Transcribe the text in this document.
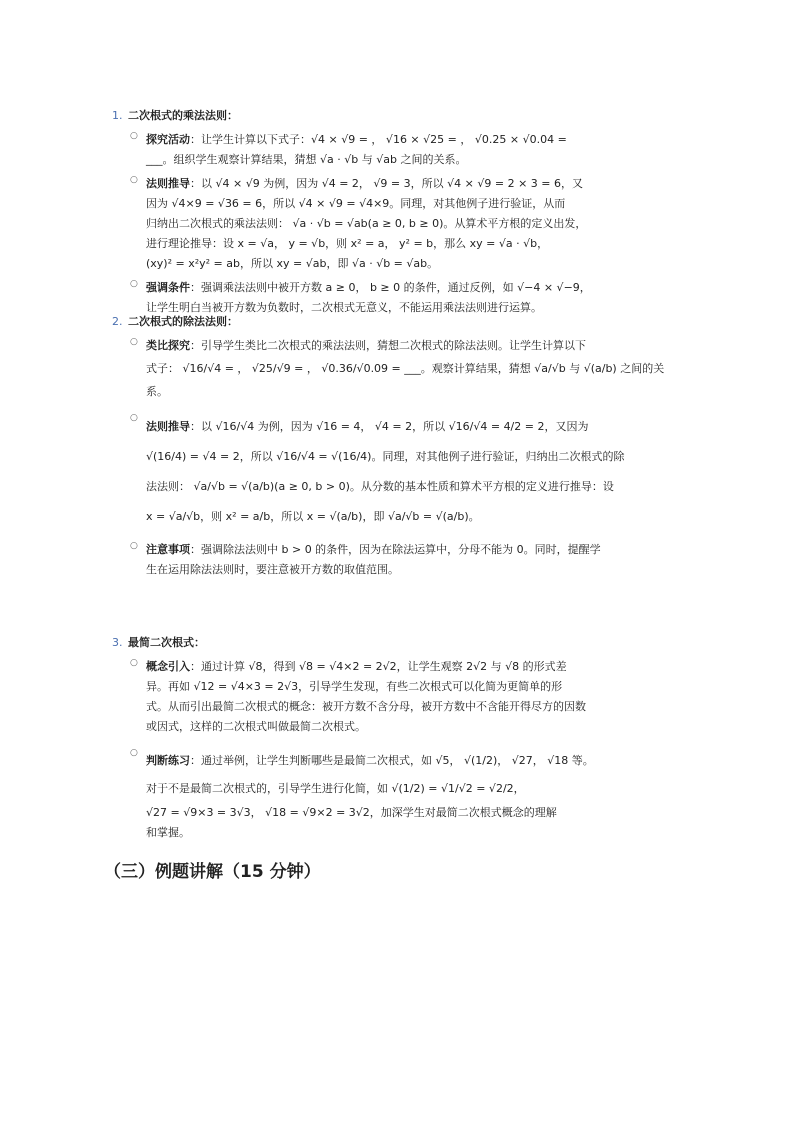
1. 二次根式的乘法法则：
○ 探究活动：让学生计算以下式子：√4 × √9 = ， √16 × √25 = ， √0.25 × √0.04 =
___。组织学生观察计算结果，猜想 √a · √b 与 √ab 之间的关系。
○ 法则推导：以 √4 × √9 为例，因为 √4 = 2， √9 = 3，所以 √4 × √9 = 2 × 3 = 6，又
因为 √4×9 = √36 = 6，所以 √4 × √9 = √4×9。同理，对其他例子进行验证，从而
归纳出二次根式的乘法法则： √a · √b = √ab(a ≥ 0, b ≥ 0)。从算术平方根的定义出发，
进行理论推导：设 x = √a， y = √b，则 x² = a， y² = b，那么 xy = √a · √b，
(xy)² = x²y² = ab，所以 xy = √ab，即 √a · √b = √ab。
○ 强调条件：强调乘法法则中被开方数 a ≥ 0， b ≥ 0 的条件，通过反例，如 √−4 × √−9，
让学生明白当被开方数为负数时，二次根式无意义，不能运用乘法法则进行运算。
2. 二次根式的除法法则：
○ 类比探究：引导学生类比二次根式的乘法法则，猜想二次根式的除法法则。让学生计算以下
式子： √16/√4 = ， √25/√9 = ， √0.36/√0.09 = ___。观察计算结果，猜想 √a/√b 与 √(a/b) 之间的关
系。
○
法则推导：以 √16/√4 为例，因为 √16 = 4， √4 = 2，所以 √16/√4 = 4/2 = 2，又因为
√(16/4) = √4 = 2，所以 √16/√4 = √(16/4)。同理，对其他例子进行验证，归纳出二次根式的除
法法则： √a/√b = √(a/b)(a ≥ 0, b > 0)。从分数的基本性质和算术平方根的定义进行推导：设
x = √a/√b，则 x² = a/b，所以 x = √(a/b)，即 √a/√b = √(a/b)。
○ 注意事项：强调除法法则中 b > 0 的条件，因为在除法运算中，分母不能为 0。同时，提醒学
生在运用除法法则时，要注意被开方数的取值范围。
3. 最简二次根式：
○ 概念引入：通过计算 √8，得到 √8 = √4×2 = 2√2，让学生观察 2√2 与 √8 的形式差
异。再如 √12 = √4×3 = 2√3，引导学生发现，有些二次根式可以化简为更简单的形
式。从而引出最简二次根式的概念：被开方数不含分母，被开方数中不含能开得尽方的因数
或因式，这样的二次根式叫做最简二次根式。
○
判断练习：通过举例，让学生判断哪些是最简二次根式，如 √5， √(1/2)， √27， √18 等。
对于不是最简二次根式的，引导学生进行化简，如 √(1/2) = √1/√2 = √2/2，
√27 = √9×3 = 3√3， √18 = √9×2 = 3√2，加深学生对最简二次根式概念的理解
和掌握。
（三）例题讲解（15 分钟）
